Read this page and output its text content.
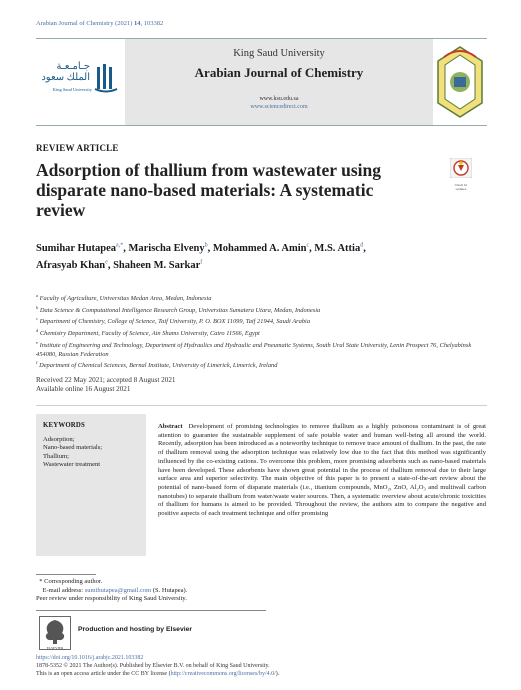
Arabian Journal of Chemistry (2021) 14, 103382
جـامـعـة
الملك سعود
King Saud University
King Saud University
Arabian Journal of Chemistry
www.ksu.edu.sa
www.sciencedirect.com
REVIEW ARTICLE
Adsorption of thallium from wastewater using disparate nano-based materials: A systematic review
Check for updates
Sumihar Hutapea$^{a,*}$, Marischa Elveny$^b$, Mohammed A. Amin$^c$, M.S. Attia$^d$,
Afrasyab Khan$^e$, Shaheen M. Sarkar$^f$
$^a$ Faculty of Agriculture, Universitas Medan Area, Medan, Indonesia
$^b$ Data Science & Computational Intelligence Research Group, Universitas Sumatera Utara, Medan, Indonesia
$^c$ Department of Chemistry, College of Science, Taif University, P. O. BOX 11099, Taif 21944, Saudi Arabia
$^d$ Chemistry Department, Faculty of Science, Ain Shams University, Cairo 11566, Egypt
$^e$ Institute of Engineering and Technology, Department of Hydraulics and Hydraulic and Pneumatic Systems, South Ural State University, Lenin Prospect 76, Chelyabinsk 454080, Russian Federation
$^f$ Department of Chemical Sciences, Bernal Institute, University of Limerick, Limerick, Ireland
Received 22 May 2021; accepted 8 August 2021
Available online 16 August 2021
KEYWORDS
Adsorption;
Nano-based materials;
Thallium;
Wastewater treatment
Abstract Development of promising technologies to remove thallium as a highly poisonous contaminant is of great attention to guarantee the sustainable supplement of safe potable water and human well-being all around the world. Recently, adsorption has been introduced as a noteworthy technique to remove trace amount of thallium. In the past, the rate of thallium removal using the adsorption technique was relatively low due to the fact that this method was significantly influenced by the co-existing cations. To overcome this problem, more promising adsorbents such as nano-based materials have been developed. These adsorbents have shown great potential in the process of thallium removal due to their large surface area and superior selectivity. The main objective of this paper is to present a state-of-the-art review about the potential of nano-based form of disparate materials (i.e., titanium compounds, MnO₂, ZnO, Al₂O₃ and multiwall carbon nanotubes) to separate thallium from water/waste water sources. Then, a systematic overview about acute/chronic toxicities of thallium for humans is aimed to be provided. Throughout the review, the authors aim to compare the negative and positive aspects of each treatment technique and offer promising
* Corresponding author.
E-mail address: sumihutapea@gmail.com (S. Hutapea).
Peer review under responsibility of King Saud University.
ELSEVIER
Production and hosting by Elsevier
https://doi.org/10.1016/j.arabjc.2021.103382
1878-5352 © 2021 The Author(s). Published by Elsevier B.V. on behalf of King Saud University.
This is an open access article under the CC BY license (http://creativecommons.org/licenses/by/4.0/).
